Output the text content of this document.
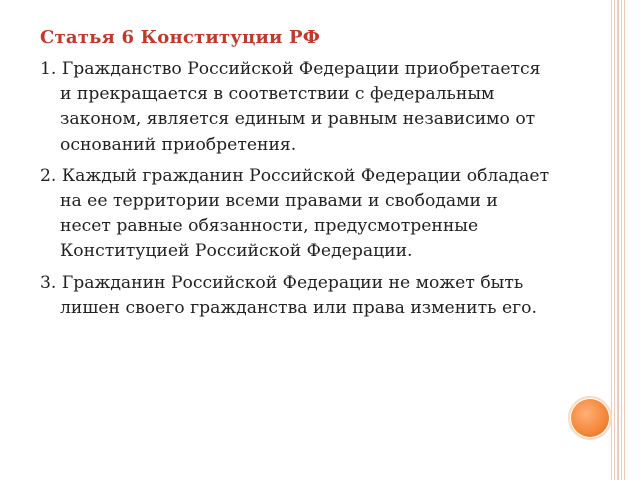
Статья 6 Конституции РФ
1. Гражданство Российской Федерации приобретается и прекращается в соответствии с федеральным законом, является единым и равным независимо от оснований приобретения.
2. Каждый гражданин Российской Федерации обладает на ее территории всеми правами и свободами и несет равные обязанности, предусмотренные Конституцией Российской Федерации.
3. Гражданин Российской Федерации не может быть лишен своего гражданства или права изменить его.
